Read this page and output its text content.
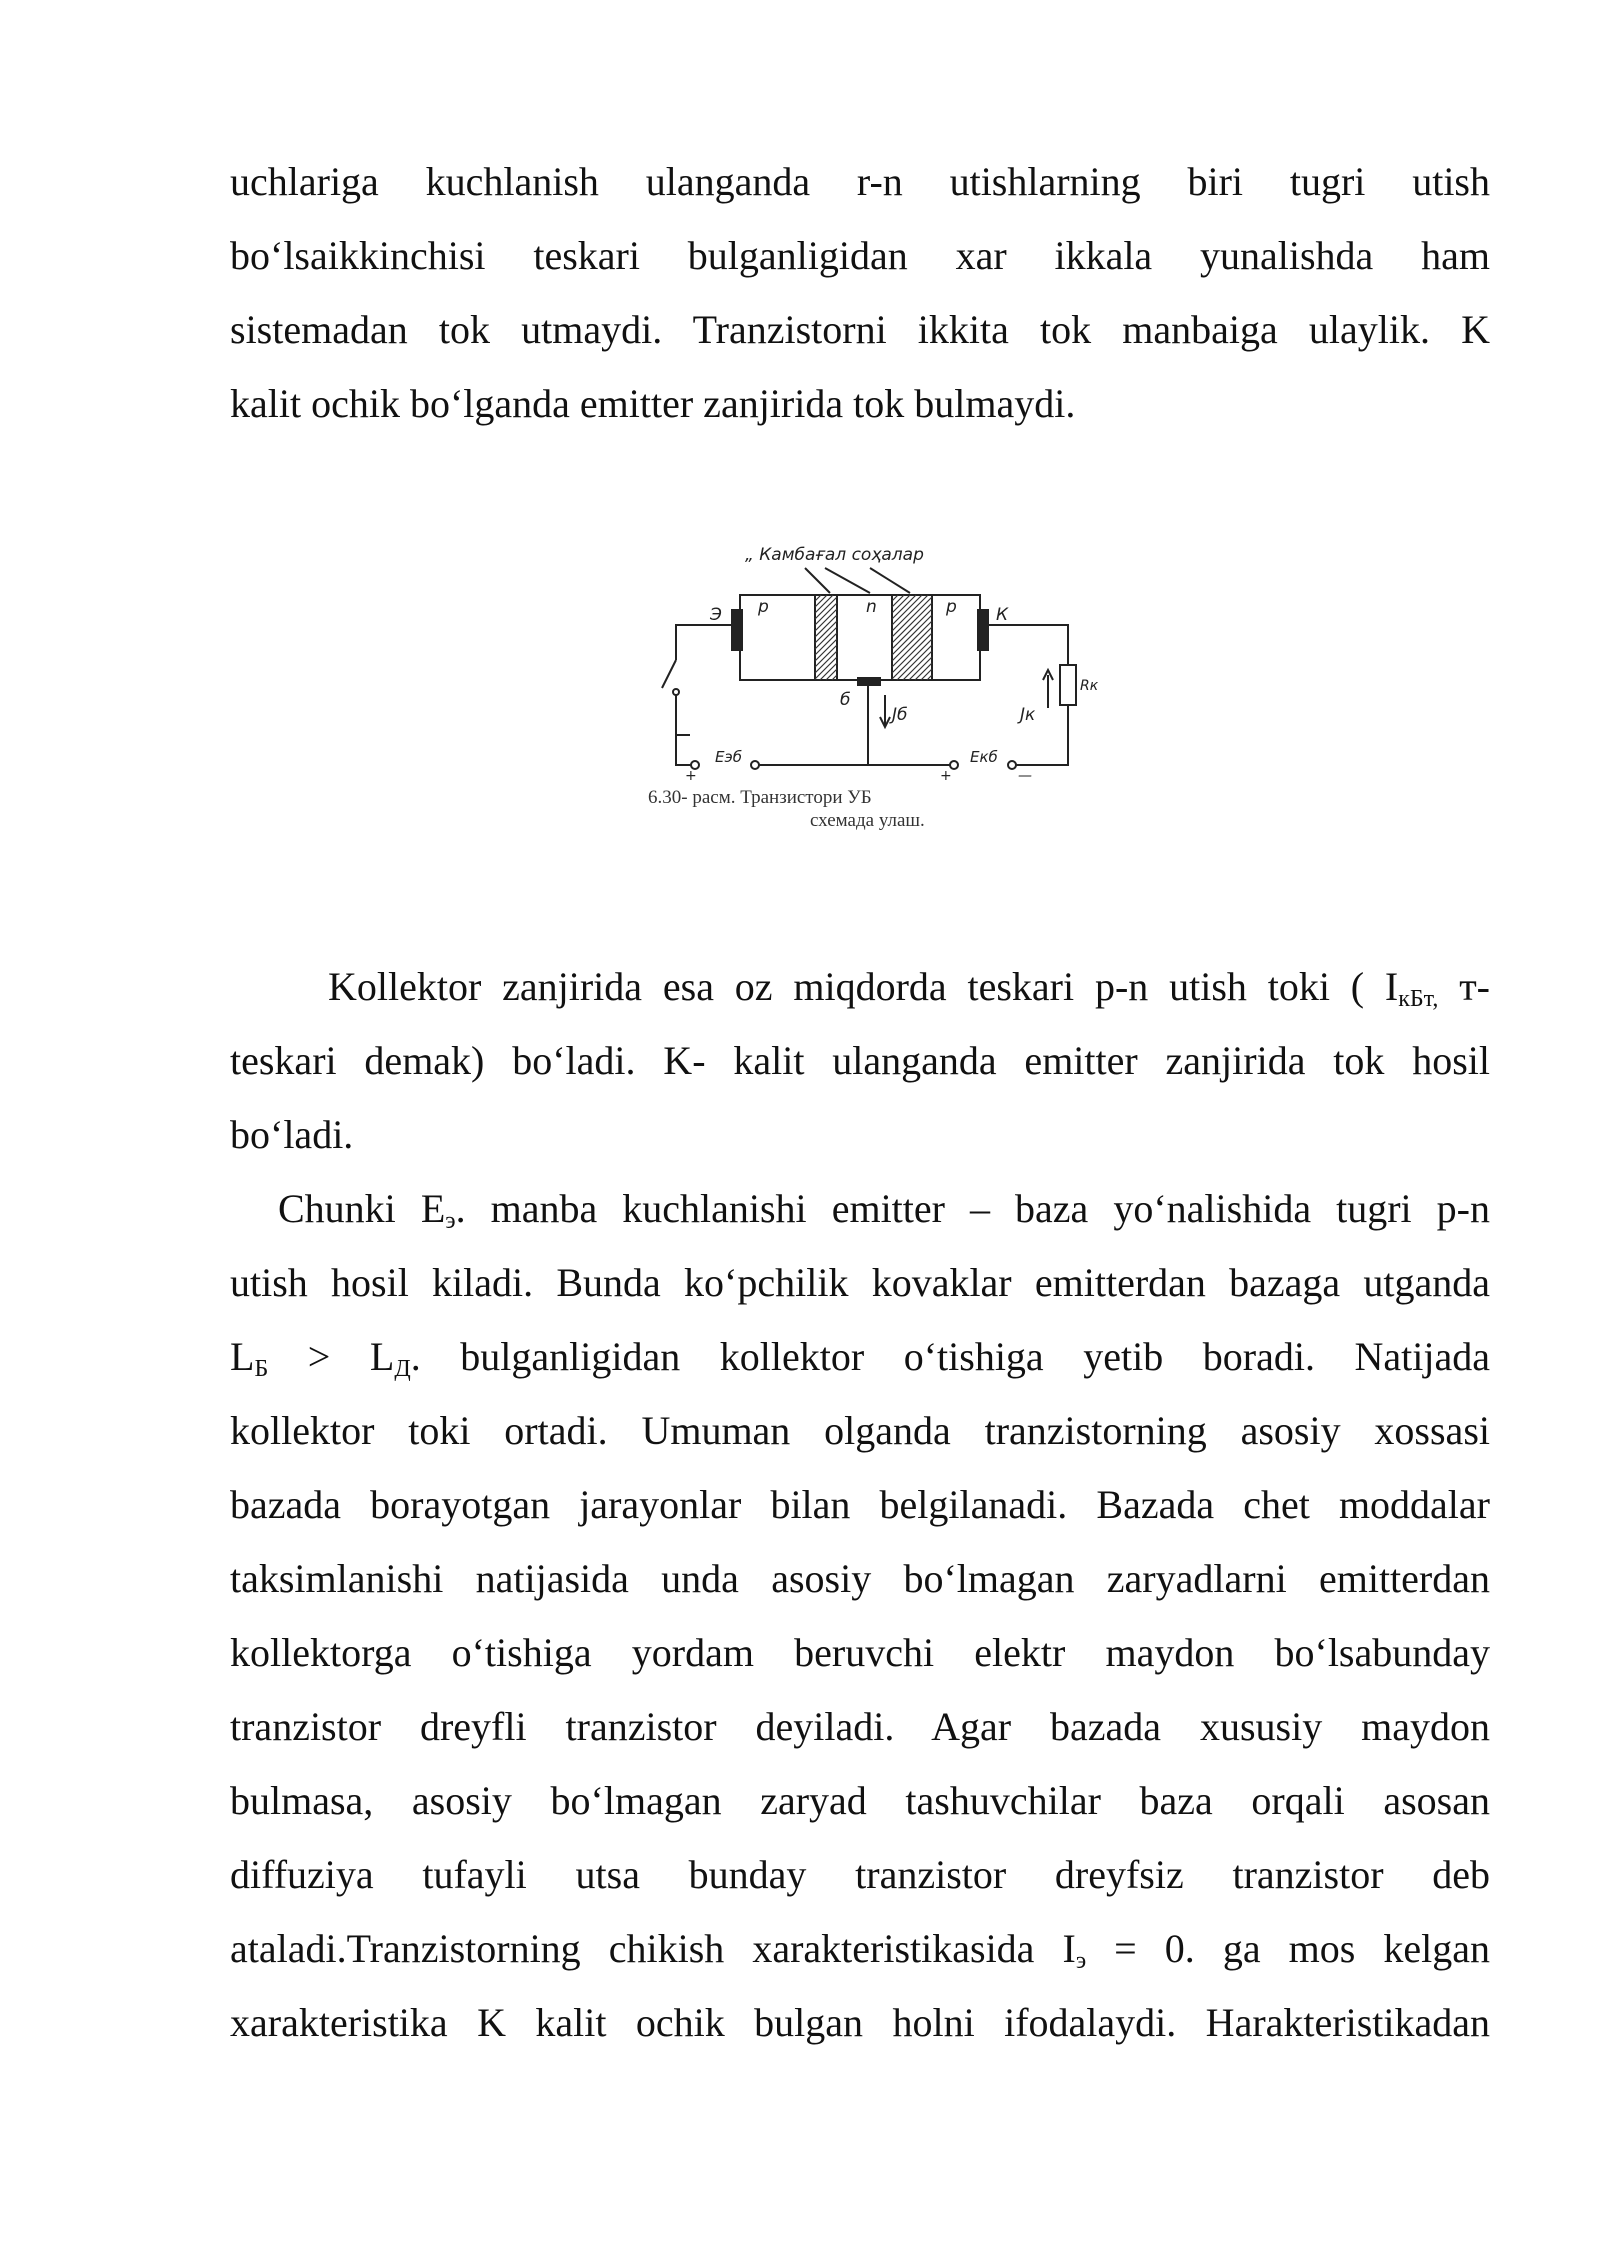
uchlariga kuchlanish ulanganda r-n utishlarning biri tugri utish
bo‘lsaikkinchisi teskari bulganligidan xar ikkala yunalishda ham
sistemadan tok utmaydi. Tranzistorni ikkita tok manbaiga ulaylik. K
kalit ochik bo‘lganda emitter zanjirida tok bulmaydi.
„ Камбағал соҳалар
p	n	p
Э	К
б
Jб	Jк
Rк
Eэб	Eкб
+	+	—
6.30- расм. Транзистори УБ
схемада улаш.
Kollektor zanjirida esa oz miqdorda teskari p-n utish toki ( $I_{кБт,}$ т-
teskari demak) bo‘ladi. K- kalit ulanganda emitter zanjirida tok hosil
bo‘ladi.
Chunki $E_э$. manba kuchlanishi emitter – baza yo‘nalishida tugri p-n
utish hosil kiladi. Bunda ko‘pchilik kovaklar emitterdan bazaga utganda
$L_Б > L_Д$. bulganligidan kollektor o‘tishiga yetib boradi. Natijada
kollektor toki ortadi. Umuman olganda tranzistorning asosiy xossasi
bazada borayotgan jarayonlar bilan belgilanadi. Bazada chet moddalar
taksimlanishi natijasida unda asosiy bo‘lmagan zaryadlarni emitterdan
kollektorga o‘tishiga yordam beruvchi elektr maydon bo‘lsabunday
tranzistor dreyfli tranzistor deyiladi. Agar bazada xususiy maydon
bulmasa, asosiy bo‘lmagan zaryad tashuvchilar baza orqali asosan
diffuziya tufayli utsa bunday tranzistor dreyfsiz tranzistor deb
ataladi.Tranzistorning chikish xarakteristikasida $I_э = 0$. ga mos kelgan
xarakteristika K kalit ochik bulgan holni ifodalaydi. Harakteristikadan
